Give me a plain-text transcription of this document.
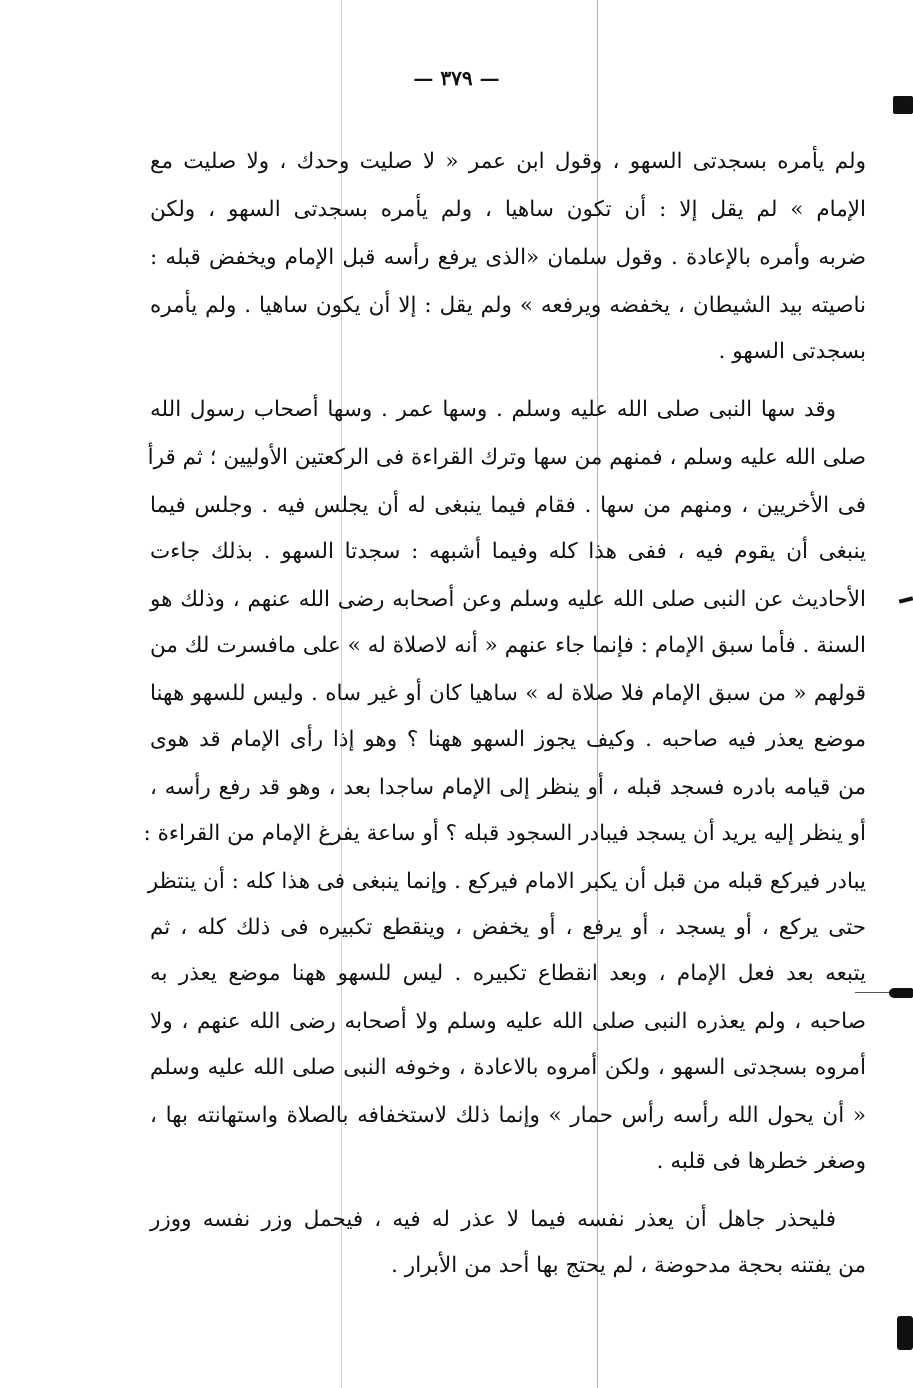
— ٣٧٩ —
ولم يأمره بسجدتى السهو ، وقول ابن عمر « لا صليت وحدك ، ولا صليت مع
الإمام » لم يقل إلا : أن تكون ساهيا ، ولم يأمره بسجدتى السهو ، ولكن
ضربه وأمره بالإعادة . وقول سلمان «الذى يرفع رأسه قبل الإمام ويخفض قبله :
ناصيته بيد الشيطان ، يخفضه ويرفعه » ولم يقل : إلا أن يكون ساهيا . ولم يأمره
بسجدتى السهو .
وقد سها النبى صلى الله عليه وسلم . وسها عمر . وسها أصحاب رسول الله
صلى الله عليه وسلم ، فمنهم من سها وترك القراءة فى الركعتين الأوليين ؛ ثم قرأ
فى الأخريين ، ومنهم من سها . فقام فيما ينبغى له أن يجلس فيه . وجلس فيما
ينبغى أن يقوم فيه ، ففى هذا كله وفيما أشبهه : سجدتا السهو . بذلك جاءت
الأحاديث عن النبى صلى الله عليه وسلم وعن أصحابه رضى الله عنهم ، وذلك هو
السنة . فأما سبق الإمام : فإنما جاء عنهم « أنه لاصلاة له » على مافسرت لك من
قولهم « من سبق الإمام فلا صلاة له » ساهيا كان أو غير ساه . وليس للسهو ههنا
موضع يعذر فيه صاحبه . وكيف يجوز السهو ههنا ؟ وهو إذا رأى الإمام قد هوى
من قيامه بادره فسجد قبله ، أو ينظر إلى الإمام ساجدا بعد ، وهو قد رفع رأسه ،
أو ينظر إليه يريد أن يسجد فيبادر السجود قبله ؟ أو ساعة يفرغ الإمام من القراءة :
يبادر فيركع قبله من قبل أن يكبر الامام فيركع . وإنما ينبغى فى هذا كله : أن ينتظر
حتى يركع ، أو يسجد ، أو يرفع ، أو يخفض ، وينقطع تكبيره فى ذلك كله ، ثم
يتبعه بعد فعل الإمام ، وبعد انقطاع تكبيره . ليس للسهو ههنا موضع يعذر به
صاحبه ، ولم يعذره النبى صلى الله عليه وسلم ولا أصحابه رضى الله عنهم ، ولا
أمروه بسجدتى السهو ، ولكن أمروه بالاعادة ، وخوفه النبى صلى الله عليه وسلم
« أن يحول الله رأسه رأس حمار » وإنما ذلك لاستخفافه بالصلاة واستهانته بها ،
وصغر خطرها فى قلبه .
فليحذر جاهل أن يعذر نفسه فيما لا عذر له فيه ، فيحمل وزر نفسه ووزر
من يفتنه بحجة مدحوضة ، لم يحتج بها أحد من الأبرار .
